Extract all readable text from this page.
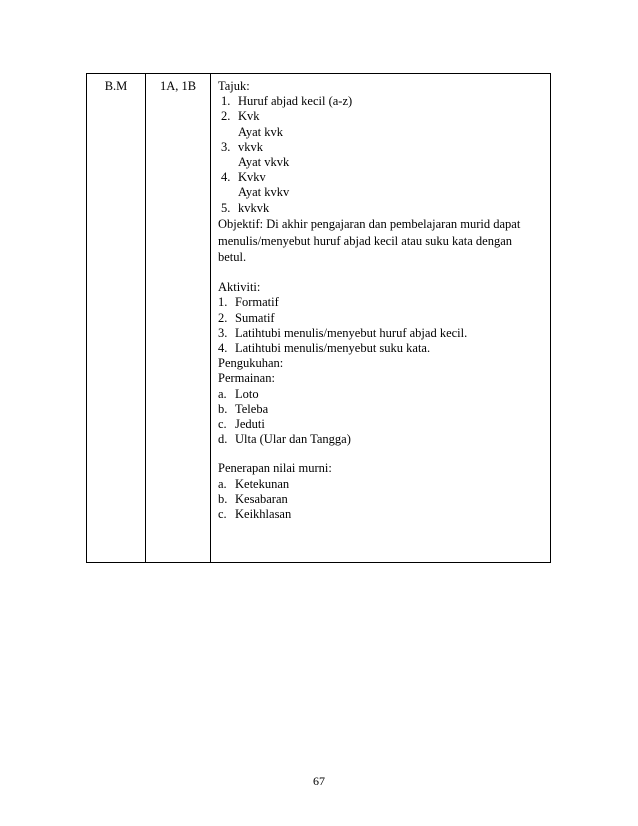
B.M	1A, 1B	Tajuk:
1. Huruf abjad kecil (a-z)
2. Kvk
Ayat kvk
3. vkvk
Ayat vkvk
4. Kvkv
Ayat kvkv
5. kvkvk
Objektif: Di akhir pengajaran dan pembelajaran murid dapat menulis/menyebut huruf abjad kecil atau suku kata dengan betul.
Aktiviti:
1. Formatif
2. Sumatif
3. Latihtubi menulis/menyebut huruf abjad kecil.
4. Latihtubi menulis/menyebut suku kata.
Pengukuhan:
Permainan:
a. Loto
b. Teleba
c. Jeduti
d. Ulta (Ular dan Tangga)
Penerapan nilai murni:
a. Ketekunan
b. Kesabaran
c. Keikhlasan
67
